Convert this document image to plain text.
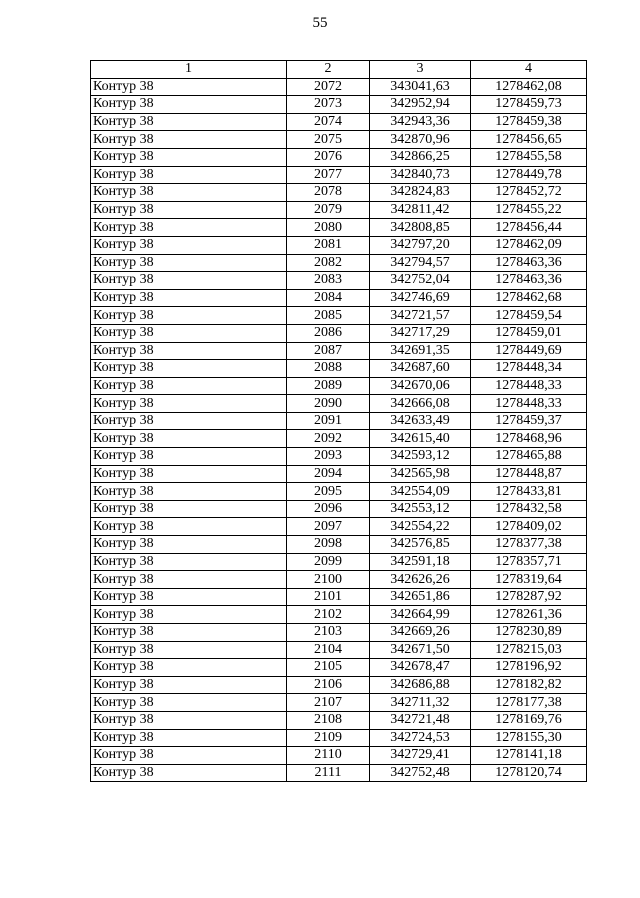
55
1	2	3	4
Контур 38	2072	343041,63	1278462,08
Контур 38	2073	342952,94	1278459,73
Контур 38	2074	342943,36	1278459,38
Контур 38	2075	342870,96	1278456,65
Контур 38	2076	342866,25	1278455,58
Контур 38	2077	342840,73	1278449,78
Контур 38	2078	342824,83	1278452,72
Контур 38	2079	342811,42	1278455,22
Контур 38	2080	342808,85	1278456,44
Контур 38	2081	342797,20	1278462,09
Контур 38	2082	342794,57	1278463,36
Контур 38	2083	342752,04	1278463,36
Контур 38	2084	342746,69	1278462,68
Контур 38	2085	342721,57	1278459,54
Контур 38	2086	342717,29	1278459,01
Контур 38	2087	342691,35	1278449,69
Контур 38	2088	342687,60	1278448,34
Контур 38	2089	342670,06	1278448,33
Контур 38	2090	342666,08	1278448,33
Контур 38	2091	342633,49	1278459,37
Контур 38	2092	342615,40	1278468,96
Контур 38	2093	342593,12	1278465,88
Контур 38	2094	342565,98	1278448,87
Контур 38	2095	342554,09	1278433,81
Контур 38	2096	342553,12	1278432,58
Контур 38	2097	342554,22	1278409,02
Контур 38	2098	342576,85	1278377,38
Контур 38	2099	342591,18	1278357,71
Контур 38	2100	342626,26	1278319,64
Контур 38	2101	342651,86	1278287,92
Контур 38	2102	342664,99	1278261,36
Контур 38	2103	342669,26	1278230,89
Контур 38	2104	342671,50	1278215,03
Контур 38	2105	342678,47	1278196,92
Контур 38	2106	342686,88	1278182,82
Контур 38	2107	342711,32	1278177,38
Контур 38	2108	342721,48	1278169,76
Контур 38	2109	342724,53	1278155,30
Контур 38	2110	342729,41	1278141,18
Контур 38	2111	342752,48	1278120,74
